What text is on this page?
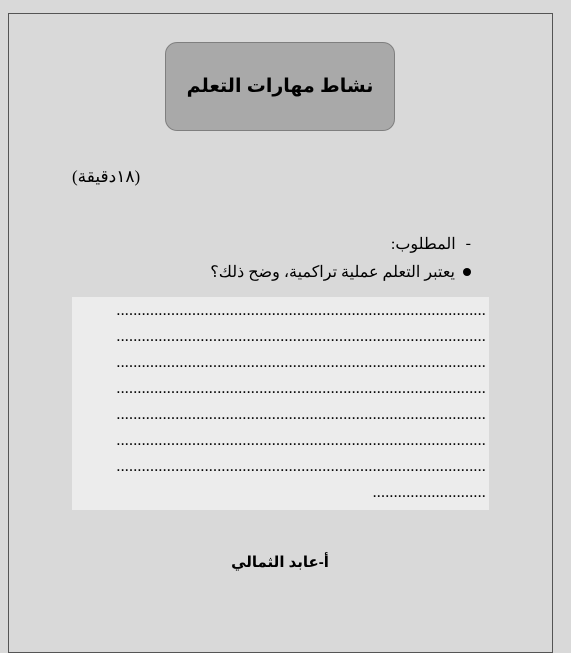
نشاط مهارات التعلم
(١٨دقيقة)
-
المطلوب:
يعتبر التعلم عملية تراكمية، وضح ذلك؟
........................................................................................
........................................................................................
........................................................................................
........................................................................................
........................................................................................
........................................................................................
........................................................................................
...........................
أ-عابد الثمالي
